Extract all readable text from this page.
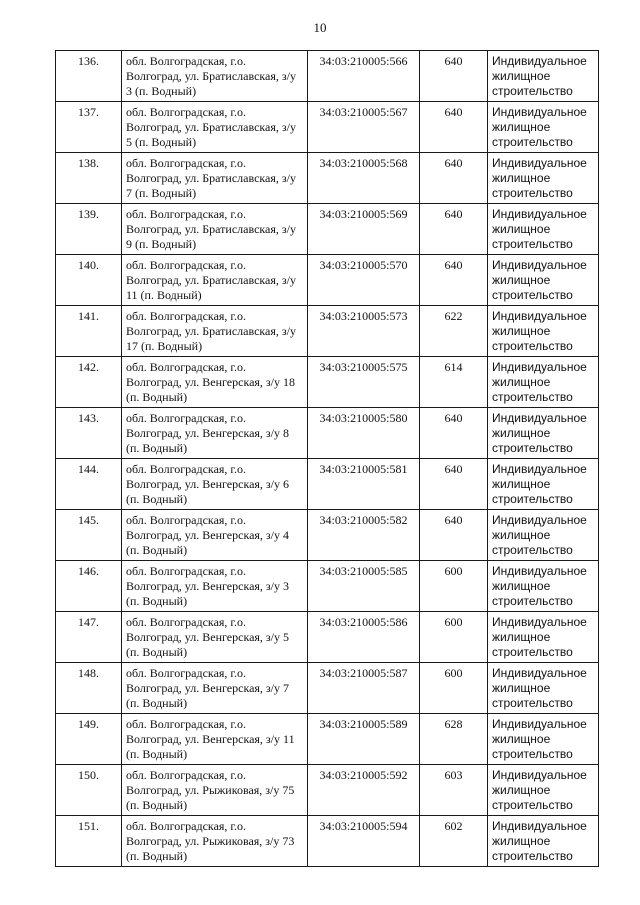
10
136.	обл. Волгоградская, г.о. Волгоград, ул. Братиславская, з/у 3 (п. Водный)	34:03:210005:566	640	Индивидуальное жилищное строительство
137.	обл. Волгоградская, г.о. Волгоград, ул. Братиславская, з/у 5 (п. Водный)	34:03:210005:567	640	Индивидуальное жилищное строительство
138.	обл. Волгоградская, г.о. Волгоград, ул. Братиславская, з/у 7 (п. Водный)	34:03:210005:568	640	Индивидуальное жилищное строительство
139.	обл. Волгоградская, г.о. Волгоград, ул. Братиславская, з/у 9 (п. Водный)	34:03:210005:569	640	Индивидуальное жилищное строительство
140.	обл. Волгоградская, г.о. Волгоград, ул. Братиславская, з/у 11 (п. Водный)	34:03:210005:570	640	Индивидуальное жилищное строительство
141.	обл. Волгоградская, г.о. Волгоград, ул. Братиславская, з/у 17 (п. Водный)	34:03:210005:573	622	Индивидуальное жилищное строительство
142.	обл. Волгоградская, г.о. Волгоград, ул. Венгерская, з/у 18 (п. Водный)	34:03:210005:575	614	Индивидуальное жилищное строительство
143.	обл. Волгоградская, г.о. Волгоград, ул. Венгерская, з/у 8 (п. Водный)	34:03:210005:580	640	Индивидуальное жилищное строительство
144.	обл. Волгоградская, г.о. Волгоград, ул. Венгерская, з/у 6 (п. Водный)	34:03:210005:581	640	Индивидуальное жилищное строительство
145.	обл. Волгоградская, г.о. Волгоград, ул. Венгерская, з/у 4 (п. Водный)	34:03:210005:582	640	Индивидуальное жилищное строительство
146.	обл. Волгоградская, г.о. Волгоград, ул. Венгерская, з/у 3 (п. Водный)	34:03:210005:585	600	Индивидуальное жилищное строительство
147.	обл. Волгоградская, г.о. Волгоград, ул. Венгерская, з/у 5 (п. Водный)	34:03:210005:586	600	Индивидуальное жилищное строительство
148.	обл. Волгоградская, г.о. Волгоград, ул. Венгерская, з/у 7 (п. Водный)	34:03:210005:587	600	Индивидуальное жилищное строительство
149.	обл. Волгоградская, г.о. Волгоград, ул. Венгерская, з/у 11 (п. Водный)	34:03:210005:589	628	Индивидуальное жилищное строительство
150.	обл. Волгоградская, г.о. Волгоград, ул. Рыжиковая, з/у 75 (п. Водный)	34:03:210005:592	603	Индивидуальное жилищное строительство
151.	обл. Волгоградская, г.о. Волгоград, ул. Рыжиковая, з/у 73 (п. Водный)	34:03:210005:594	602	Индивидуальное жилищное строительство
